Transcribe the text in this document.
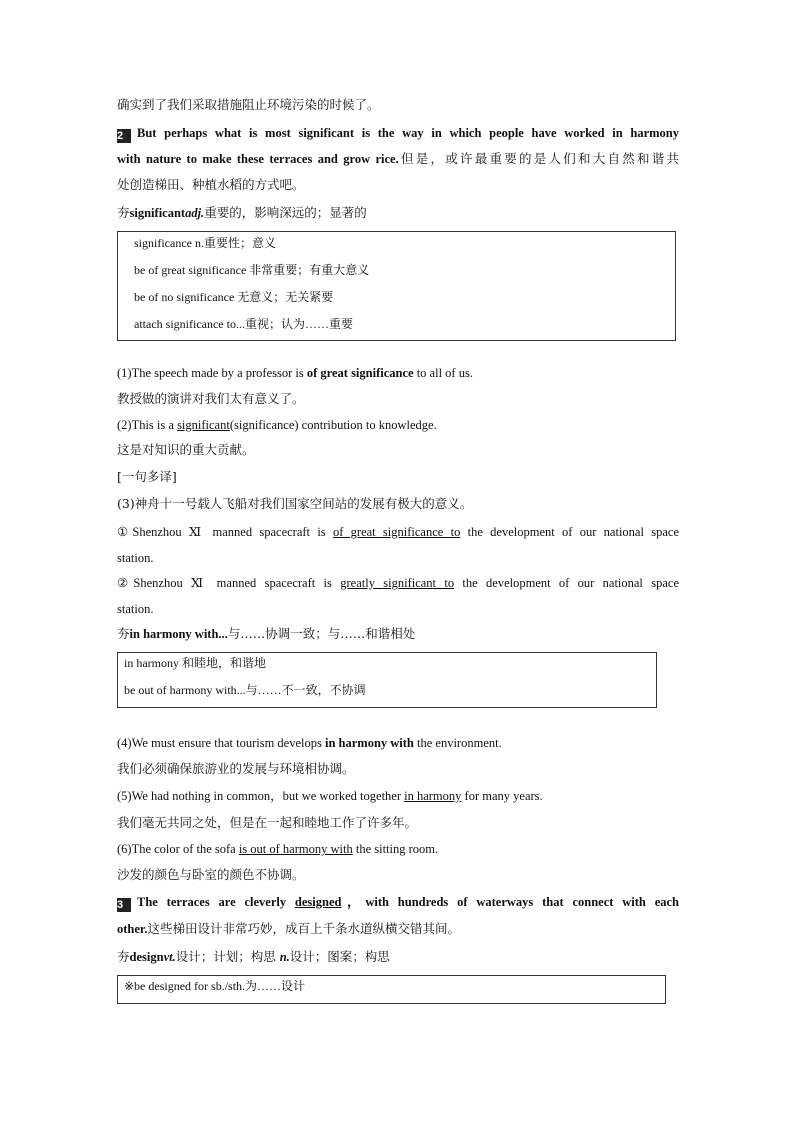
确实到了我们采取措施阻止环境污染的时候了。
2 But perhaps what is most significant is the way in which people have worked in harmony
with nature to make these terraces and grow rice.但是，或许最重要的是人们和大自然和谐共
处创造梯田、种植水稻的方式吧。
夯significantadj.重要的，影响深远的；显著的
significance n.重要性；意义
be of great significance 非常重要；有重大意义
be of no significance 无意义；无关紧要
attach significance to...重视；认为……重要
(1)The speech made by a professor is of great significance to all of us.
教授做的演讲对我们太有意义了。
(2)This is a significant(significance) contribution to knowledge.
这是对知识的重大贡献。
[一句多译]
(3)神舟十一号载人飞船对我们国家空间站的发展有极大的意义。
①Shenzhou Ⅺ manned spacecraft is of great significance to the development of our national space
station.
②Shenzhou Ⅺ manned spacecraft is greatly significant to the development of our national space
station.
夯in harmony with...与……协调一致；与……和谐相处
in harmony 和睦地，和谐地
be out of harmony with...与……不一致，不协调
(4)We must ensure that tourism develops in harmony with the environment.
我们必须确保旅游业的发展与环境相协调。
(5)We had nothing in common，but we worked together in harmony for many years.
我们毫无共同之处，但是在一起和睦地工作了许多年。
(6)The color of the sofa is out of harmony with the sitting room.
沙发的颜色与卧室的颜色不协调。
3 The terraces are cleverly designed，with hundreds of waterways that connect with each
other.这些梯田设计非常巧妙，成百上千条水道纵横交错其间。
夯designvt.设计；计划；构思 n.设计；图案；构思
※be designed for sb./sth.为……设计
